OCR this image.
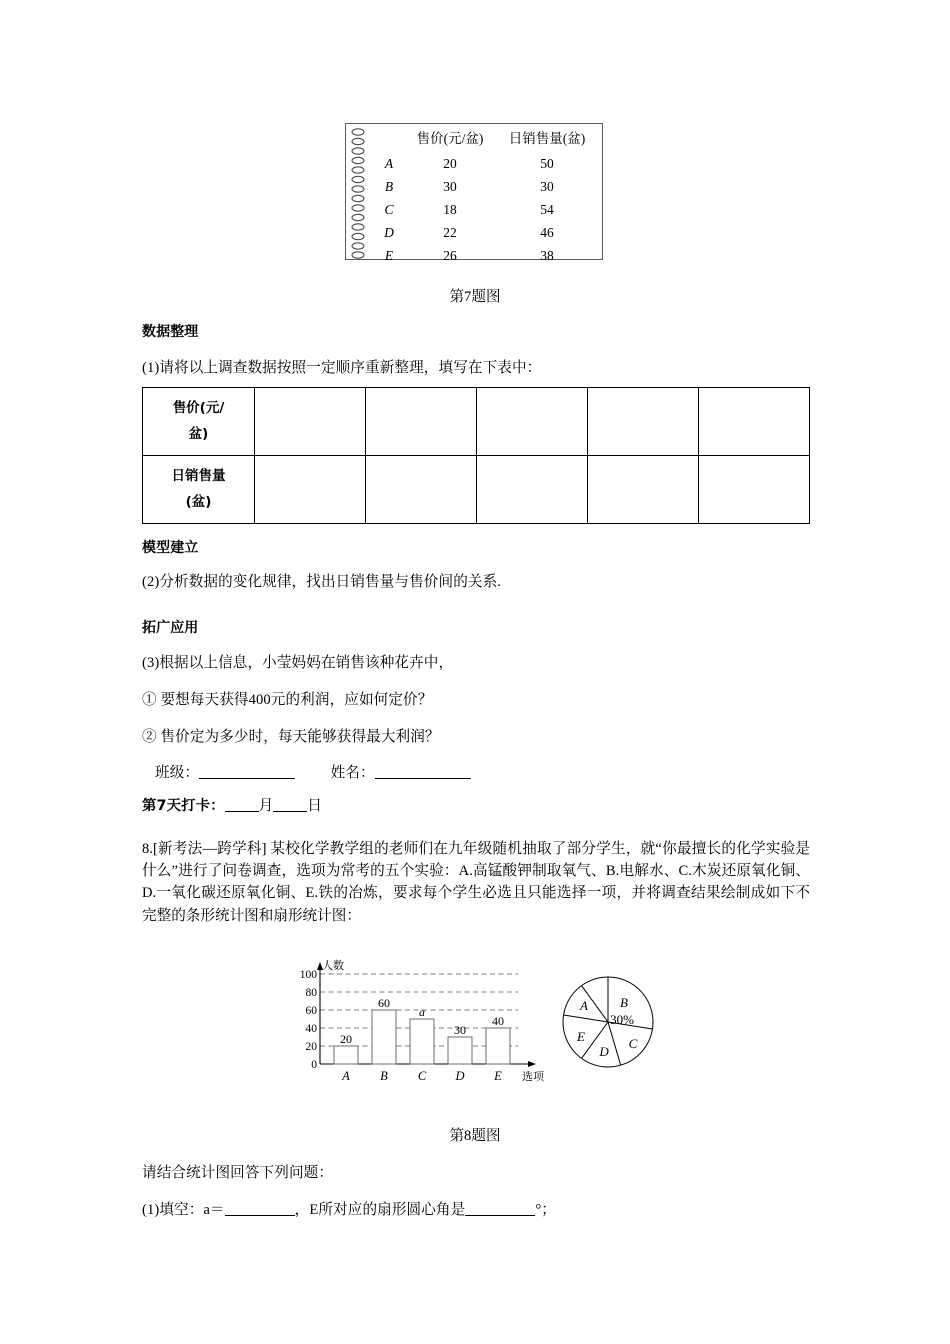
	售价(元/盆)	日销售量(盆)
A	20	50
B	30	30
C	18	54
D	22	46
E	26	38
第7题图
数据整理
(1)请将以上调查数据按照一定顺序重新整理，填写在下表中：
售价(元/
盆)					
日销售量
(盆)					
模型建立
(2)分析数据的变化规律，找出日销售量与售价间的关系.
拓广应用
(3)根据以上信息，小莹妈妈在销售该种花卉中，
① 要想每天获得400元的利润，应如何定价？
② 售价定为多少时，每天能够获得最大利润？
班级：	姓名：
第7天打卡： 月 日
8.[新考法—跨学科] 某校化学教学组的老师们在九年级随机抽取了部分学生，就“你最擅长的化学实验是什么”进行了问卷调查，选项为常考的五个实验：A.高锰酸钾制取氧气、B.电解水、C.木炭还原氧化铜、D.一氧化碳还原氧化铜、E.铁的冶炼，要求每个学生必选且只能选择一项，并将调查结果绘制成如下不完整的条形统计图和扇形统计图：
人数
100
80
60
40
20
0
20
60
a
30
40
A B C D E 选项
B
30%
C
D
E
A
第8题图
请结合统计图回答下列问题：
(1)填空：a＝	，E所对应的扇形圆心角是	°；
